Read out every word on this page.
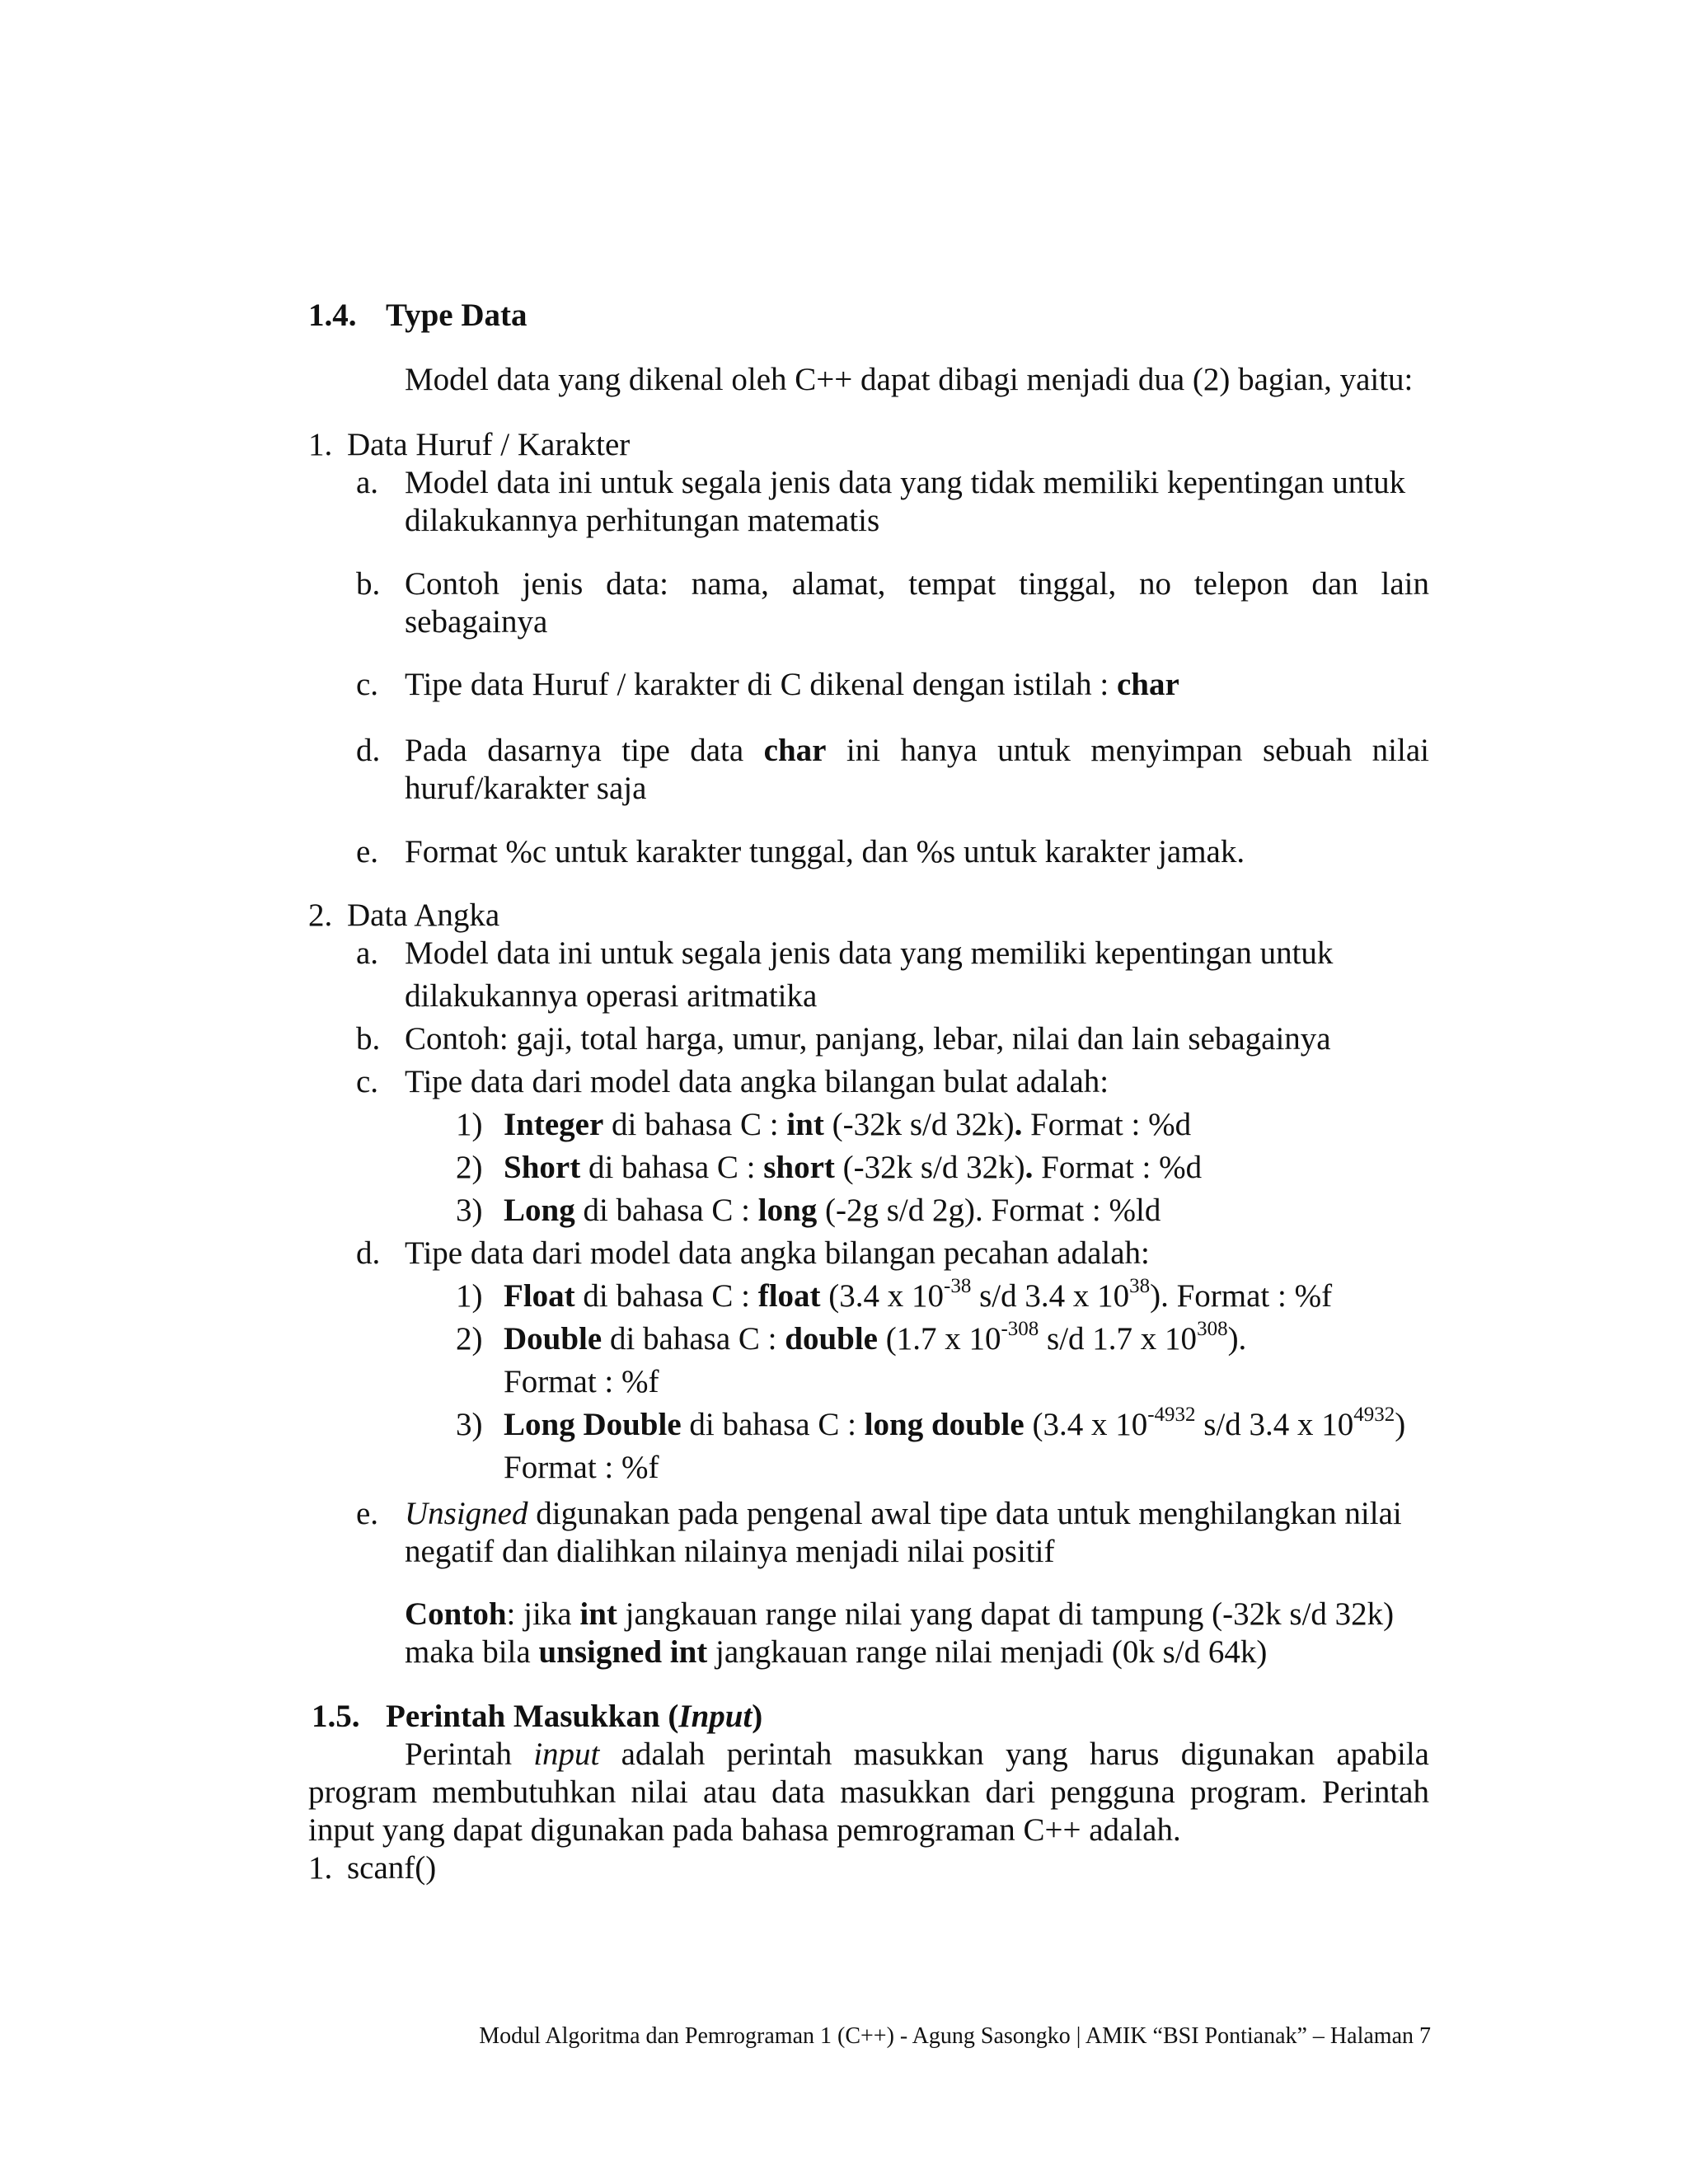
1.4. Type Data
Model data yang dikenal oleh C++ dapat dibagi menjadi dua (2) bagian, yaitu:
1. Data Huruf / Karakter
a. Model data ini untuk segala jenis data yang tidak memiliki kepentingan untuk
dilakukannya perhitungan matematis
b. Contoh jenis data: nama, alamat, tempat tinggal, no telepon dan lain
sebagainya
c. Tipe data Huruf / karakter di C dikenal dengan istilah : char
d. Pada dasarnya tipe data char ini hanya untuk menyimpan sebuah nilai
huruf/karakter saja
e. Format %c untuk karakter tunggal, dan %s untuk karakter jamak.
2. Data Angka
a. Model data ini untuk segala jenis data yang memiliki kepentingan untuk
dilakukannya operasi aritmatika
b. Contoh: gaji, total harga, umur, panjang, lebar, nilai dan lain sebagainya
c. Tipe data dari model data angka bilangan bulat adalah:
1) Integer di bahasa C : int (-32k s/d 32k). Format : %d
2) Short di bahasa C : short (-32k s/d 32k). Format : %d
3) Long di bahasa C : long (-2g s/d 2g). Format : %ld
d. Tipe data dari model data angka bilangan pecahan adalah:
1) Float di bahasa C : float (3.4 x $10^{-38}$ s/d 3.4 x $10^{38}$). Format : %f
2) Double di bahasa C : double (1.7 x $10^{-308}$ s/d 1.7 x $10^{308}$).
Format : %f
3) Long Double di bahasa C : long double (3.4 x $10^{-4932}$ s/d 3.4 x $10^{4932}$)
Format : %f
e. Unsigned digunakan pada pengenal awal tipe data untuk menghilangkan nilai
negatif dan dialihkan nilainya menjadi nilai positif
Contoh: jika int jangkauan range nilai yang dapat di tampung (-32k s/d 32k)
maka bila unsigned int jangkauan range nilai menjadi (0k s/d 64k)
1.5. Perintah Masukkan (Input)
Perintah input adalah perintah masukkan yang harus digunakan apabila
program membutuhkan nilai atau data masukkan dari pengguna program. Perintah
input yang dapat digunakan pada bahasa pemrograman C++ adalah.
1. scanf()
Modul Algoritma dan Pemrograman 1 (C++) - Agung Sasongko | AMIK “BSI Pontianak” – Halaman 7
